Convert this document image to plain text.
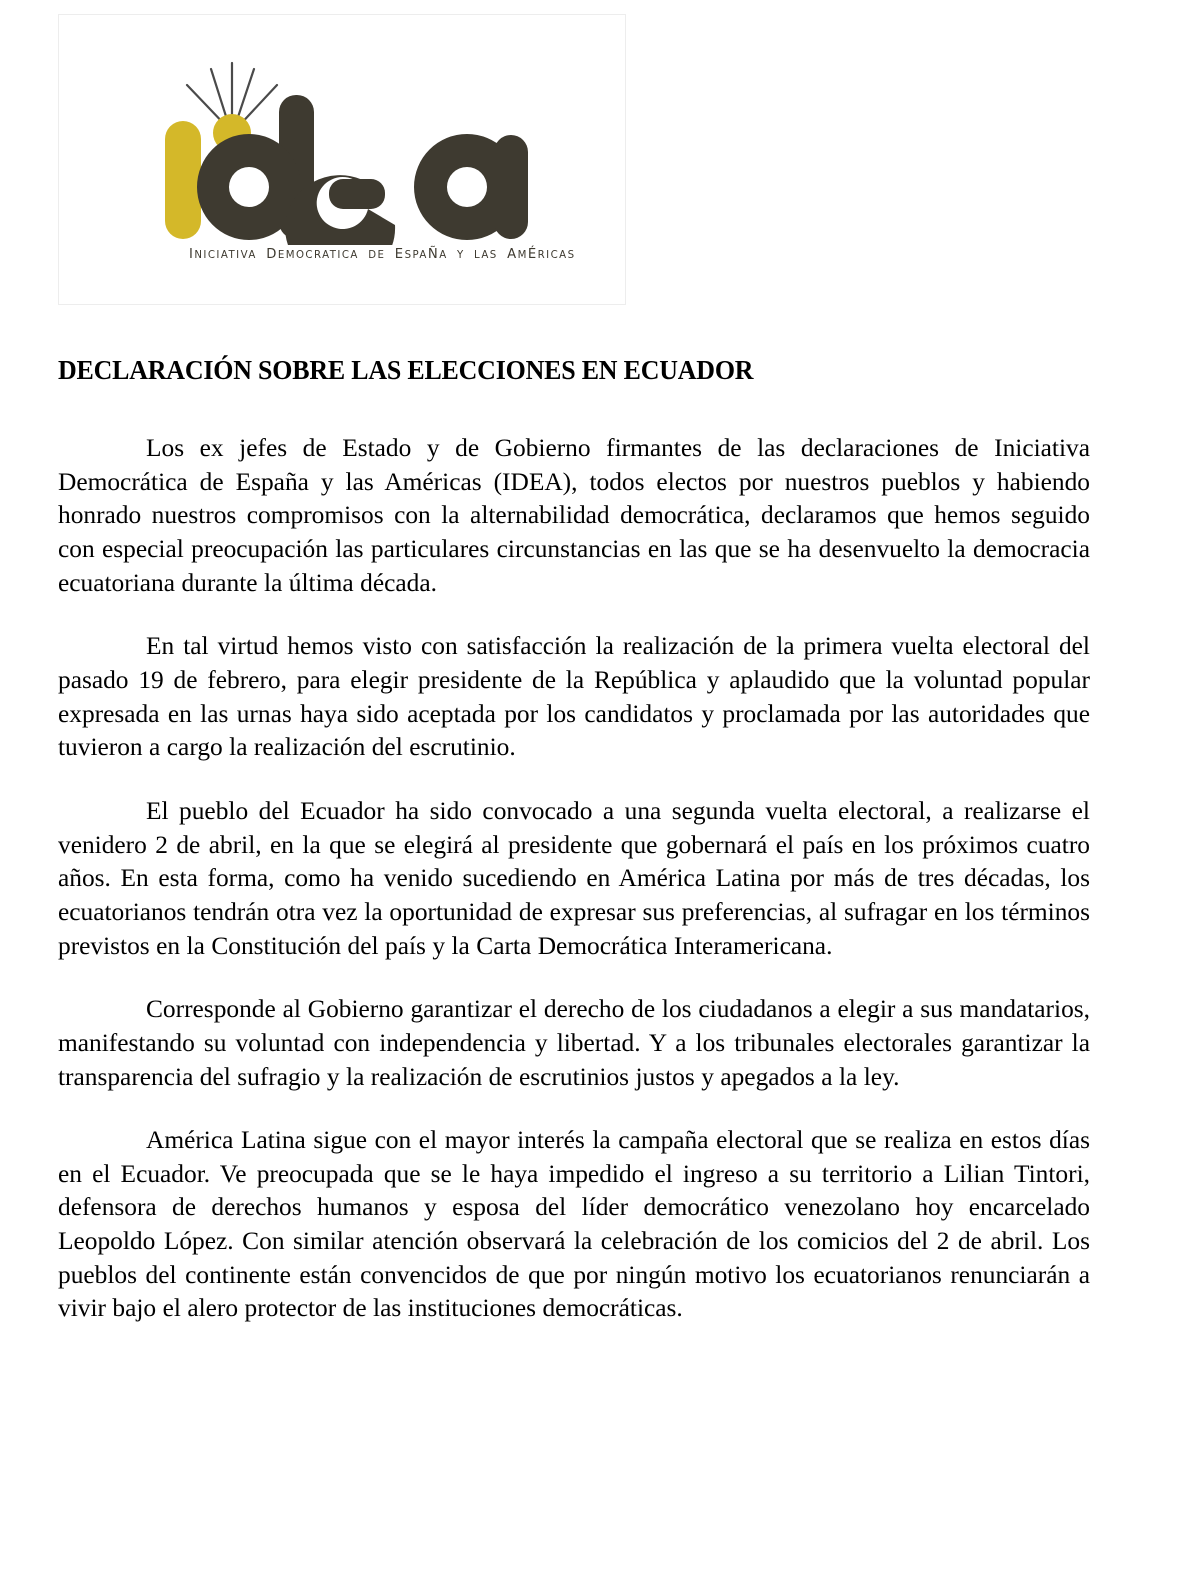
INICIATIVA  DEMOCRATICA  DE  ESPAÑA  Y  LAS  AMÉRICAS
DECLARACIÓN SOBRE LAS ELECCIONES EN ECUADOR

Los ex jefes de Estado y de Gobierno firmantes de las declaraciones de Iniciativa Democrática de España y las Américas (IDEA), todos electos por nuestros pueblos y habiendo honrado nuestros compromisos con la alternabilidad democrática, declaramos que hemos seguido con especial preocupación las particulares circunstancias en las que se ha desenvuelto la democracia ecuatoriana durante la última década.

En tal virtud hemos visto con satisfacción la realización de la primera vuelta electoral del pasado 19 de febrero, para elegir presidente de la República y aplaudido que la voluntad popular expresada en las urnas haya sido aceptada por los candidatos y proclamada por las autoridades que tuvieron a cargo la realización del escrutinio.

El pueblo del Ecuador ha sido convocado a una segunda vuelta electoral, a realizarse el venidero 2 de abril, en la que se elegirá al presidente que gobernará el país en los próximos cuatro años. En esta forma, como ha venido sucediendo en América Latina por más de tres décadas, los ecuatorianos tendrán otra vez la oportunidad de expresar sus preferencias, al sufragar en los términos previstos en la Constitución del país y la Carta Democrática Interamericana.

Corresponde al Gobierno garantizar el derecho de los ciudadanos a elegir a sus mandatarios, manifestando su voluntad con independencia y libertad. Y a los tribunales electorales garantizar la transparencia del sufragio y la realización de escrutinios justos y apegados a la ley.

América Latina sigue con el mayor interés la campaña electoral que se realiza en estos días en el Ecuador. Ve preocupada que se le haya impedido el ingreso a su territorio a Lilian Tintori, defensora de derechos humanos y esposa del líder democrático venezolano hoy encarcelado Leopoldo López. Con similar atención observará la celebración de los comicios del 2 de abril. Los pueblos del continente están convencidos de que por ningún motivo los ecuatorianos renunciarán a vivir bajo el alero protector de las instituciones democráticas.
